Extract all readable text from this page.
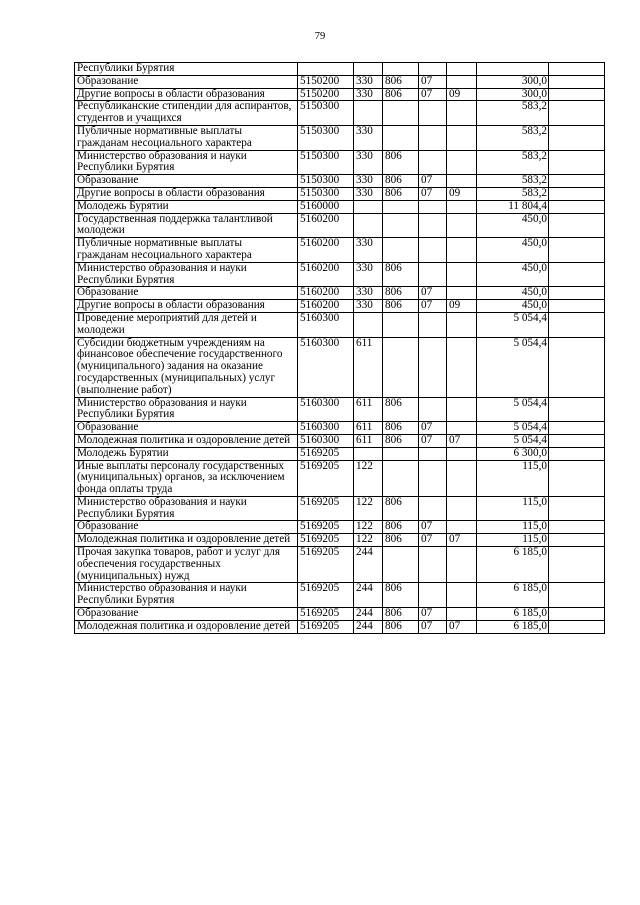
79
Республики Бурятия							
Образование	5150200	330	806	07		300,0	
Другие вопросы в области образования	5150200	330	806	07	09	300,0	
Республиканские стипендии для аспирантов, студентов и учащихся	5150300					583,2	
Публичные нормативные выплаты гражданам несоциального характера	5150300	330				583,2	
Министерство образования и науки Республики Бурятия	5150300	330	806			583,2	
Образование	5150300	330	806	07		583,2	
Другие вопросы в области образования	5150300	330	806	07	09	583,2	
Молодежь Бурятии	5160000					11 804,4	
Государственная поддержка талантливой молодежи	5160200					450,0	
Публичные нормативные выплаты гражданам несоциального характера	5160200	330				450,0	
Министерство образования и науки Республики Бурятия	5160200	330	806			450,0	
Образование	5160200	330	806	07		450,0	
Другие вопросы в области образования	5160200	330	806	07	09	450,0	
Проведение мероприятий для детей и молодежи	5160300					5 054,4	
Субсидии бюджетным учреждениям на финансовое обеспечение государственного (муниципального) задания на оказание государственных (муниципальных) услуг (выполнение работ)	5160300	611				5 054,4	
Министерство образования и науки Республики Бурятия	5160300	611	806			5 054,4	
Образование	5160300	611	806	07		5 054,4	
Молодежная политика и оздоровление детей	5160300	611	806	07	07	5 054,4	
Молодежь Бурятии	5169205					6 300,0	
Иные выплаты персоналу государственных (муниципальных) органов, за исключением фонда оплаты труда	5169205	122				115,0	
Министерство образования и науки Республики Бурятия	5169205	122	806			115,0	
Образование	5169205	122	806	07		115,0	
Молодежная политика и оздоровление детей	5169205	122	806	07	07	115,0	
Прочая закупка товаров, работ и услуг для обеспечения государственных (муниципальных) нужд	5169205	244				6 185,0	
Министерство образования и науки Республики Бурятия	5169205	244	806			6 185,0	
Образование	5169205	244	806	07		6 185,0	
Молодежная политика и оздоровление детей	5169205	244	806	07	07	6 185,0	
